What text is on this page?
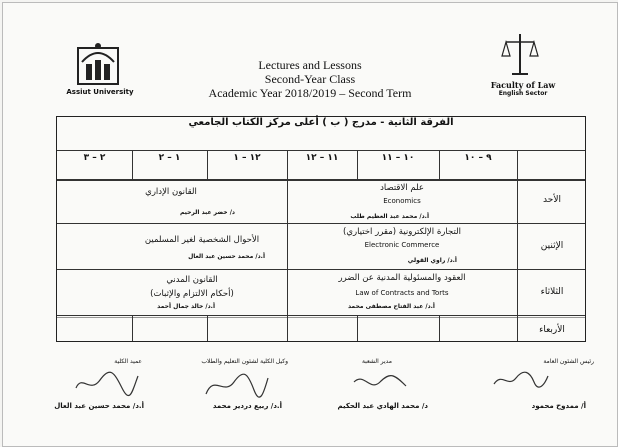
Assiut University
Faculty of Law
English Sector
Lectures and Lessons
Second-Year Class
Academic Year 2018/2019 – Second Term
الفرقة الثانية - مدرج ( ب ) أعلى مركز الكتاب الجامعي
٩ – ١٠
١٠ – ١١
١١ – ١٢
١٢ – ١
١ – ٢
٢ – ٣
الأحد
الإثنين
الثلاثاء
الأربعاء
علم الاقتصاد
Economics
أ.د/ محمد عبد العظيم طلب
القانون الإداري
د/ خضر عبد الرحيم
التجارة الإلكترونية (مقرر اختياري)
Electronic Commerce
أ.د/ راوي القولي
الأحوال الشخصية لغير المسلمين
أ.د/ محمد حسين عبد العال
العقود والمسئولية المدنية عن الضرر
Law of Contracts and Torts
أ.د/ عبد الفتاح مصطفى محمد
القانون المدني
(أحكام الالتزام والإثبات)
أ.د/ خالد جمال أحمد
رئيس الشئون العامة
أ/ ممدوح محمود
مدير الشعبة
د/ محمد الهادي عبد الحكيم
وكيل الكلية لشئون التعليم والطلاب
أ.د/ ربيع دردير محمد
عميد الكلية
أ.د/ محمد حسين عبد العال
